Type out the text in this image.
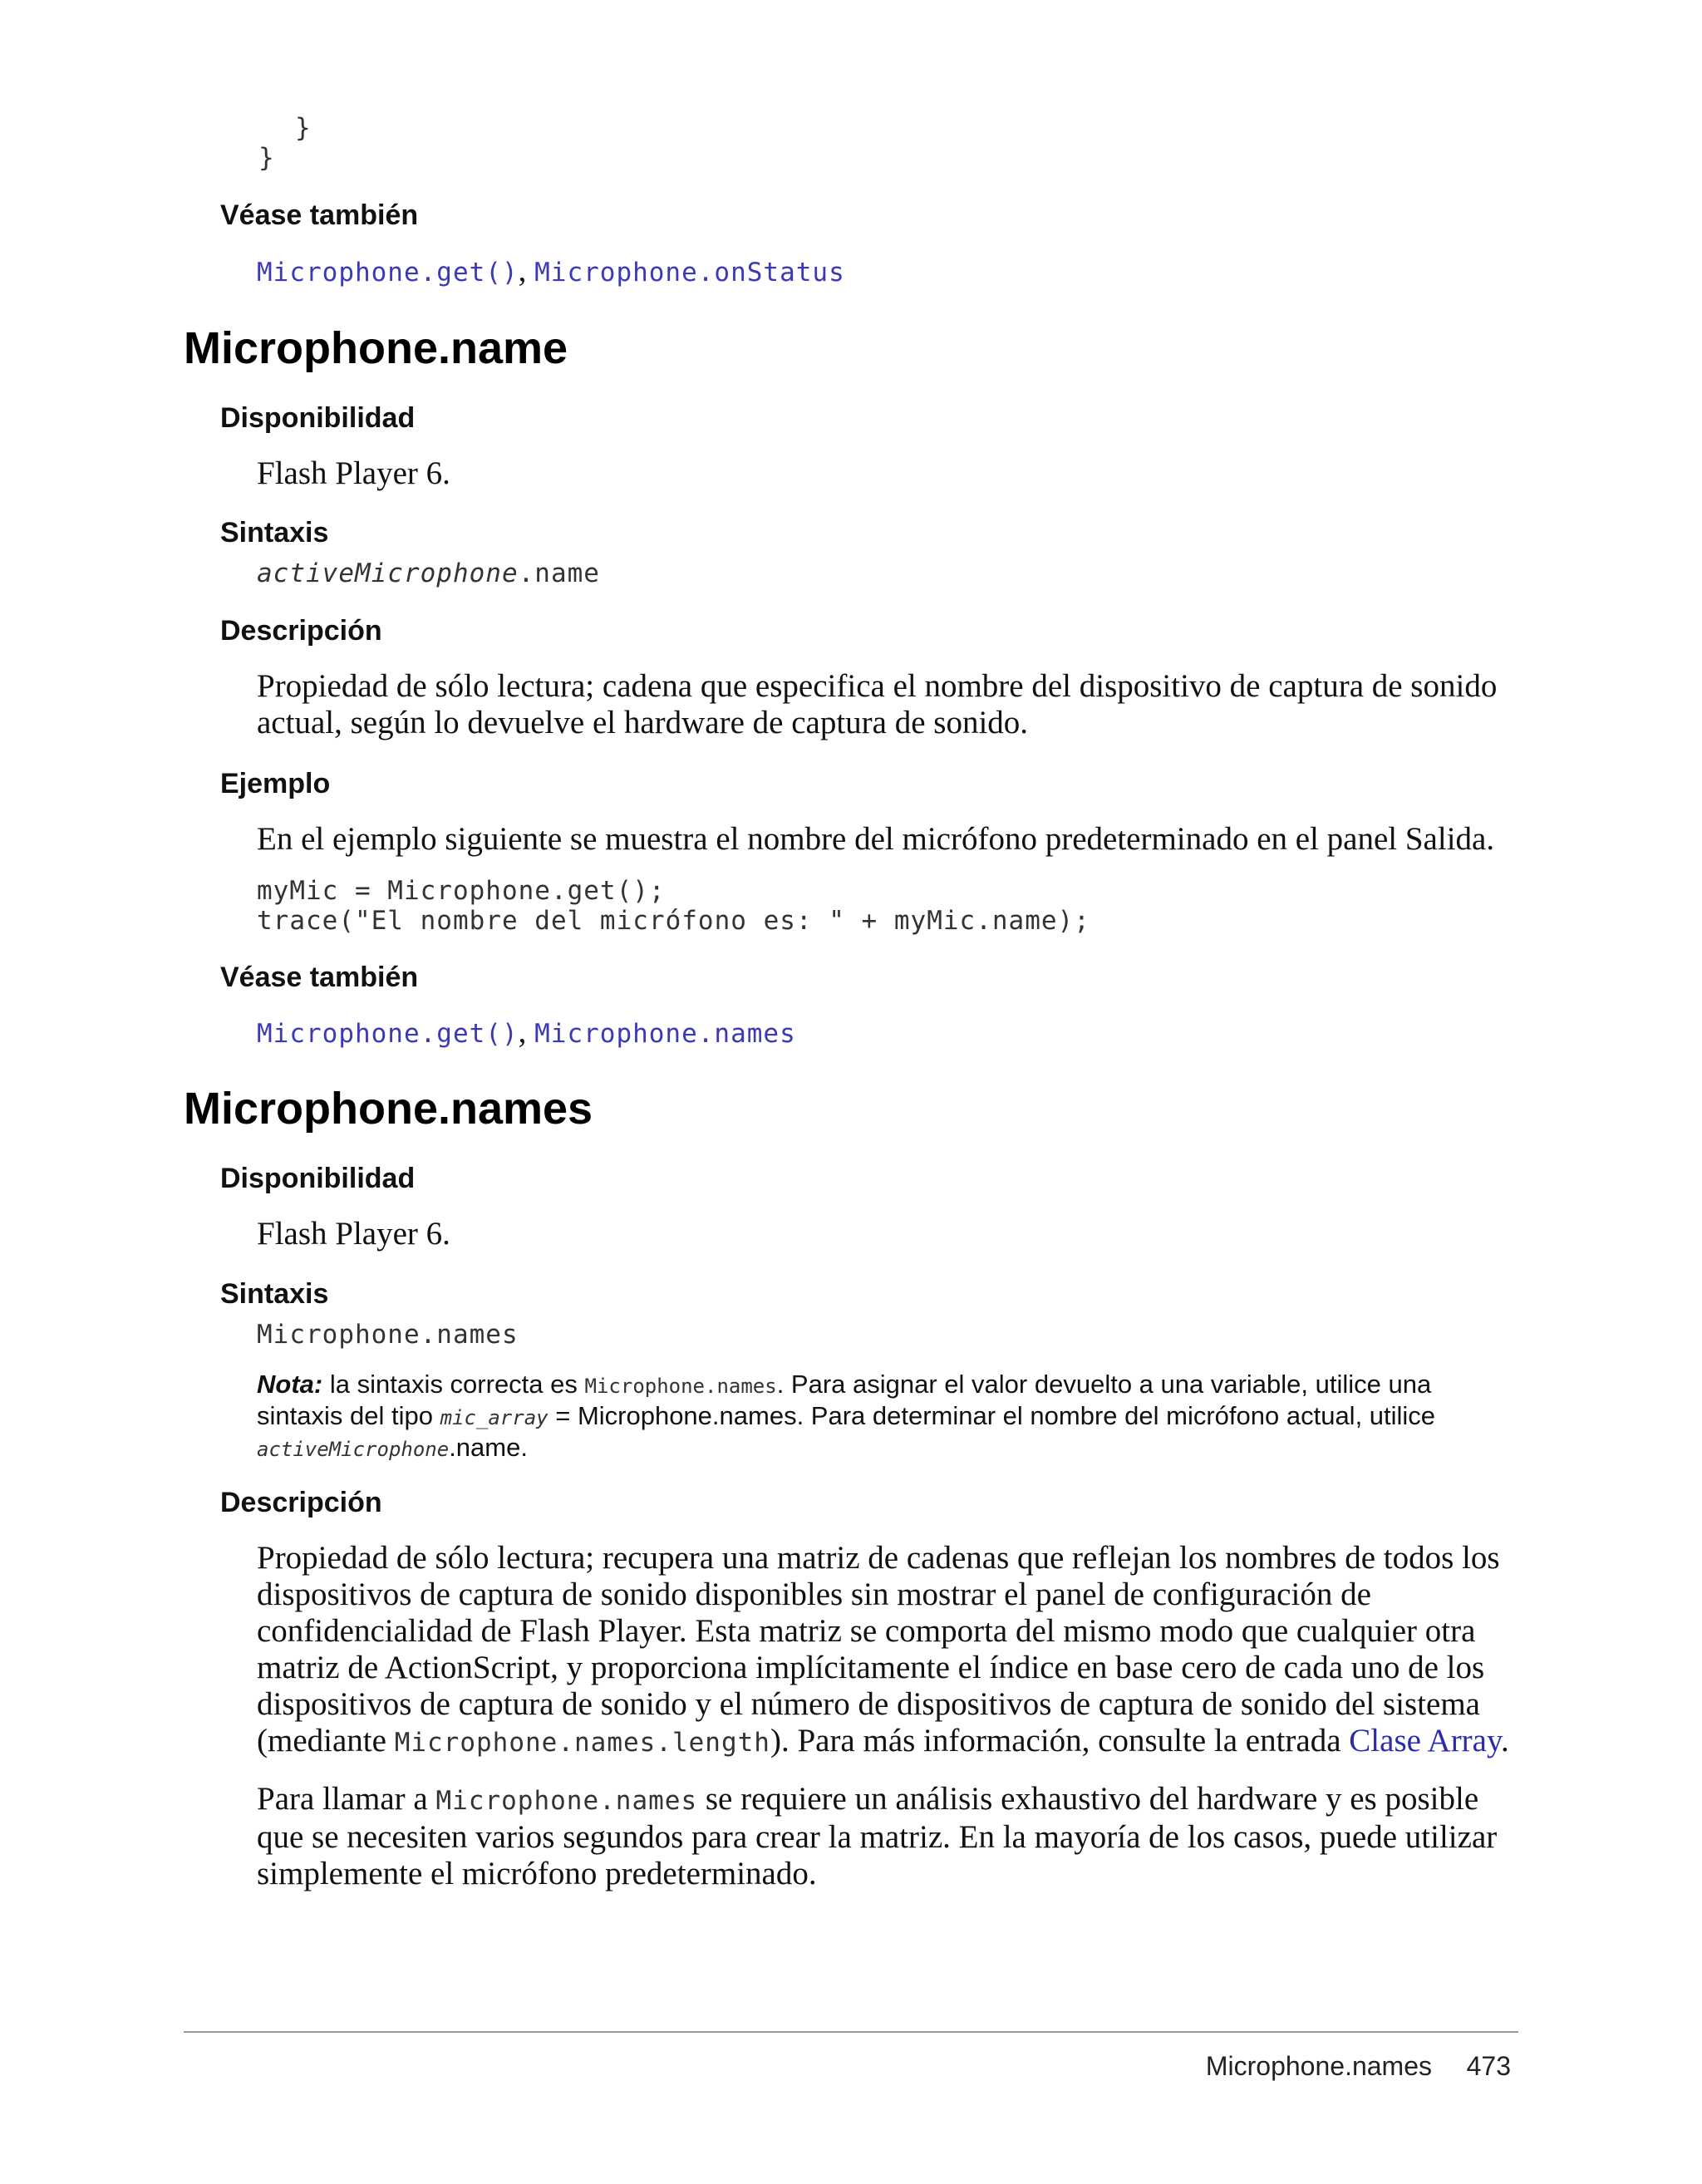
}
}
Véase también
Microphone.get(), Microphone.onStatus
Microphone.name
Disponibilidad
Flash Player 6.
Sintaxis
activeMicrophone.name
Descripción
Propiedad de sólo lectura; cadena que especifica el nombre del dispositivo de captura de sonido actual, según lo devuelve el hardware de captura de sonido.
Ejemplo
En el ejemplo siguiente se muestra el nombre del micrófono predeterminado en el panel Salida.
myMic = Microphone.get();
trace("El nombre del micrófono es: " + myMic.name);
Véase también
Microphone.get(), Microphone.names
Microphone.names
Disponibilidad
Flash Player 6.
Sintaxis
Microphone.names
Nota: la sintaxis correcta es Microphone.names. Para asignar el valor devuelto a una variable, utilice una sintaxis del tipo mic_array = Microphone.names. Para determinar el nombre del micrófono actual, utilice activeMicrophone.name.
Descripción
Propiedad de sólo lectura; recupera una matriz de cadenas que reflejan los nombres de todos los dispositivos de captura de sonido disponibles sin mostrar el panel de configuración de confidencialidad de Flash Player. Esta matriz se comporta del mismo modo que cualquier otra matriz de ActionScript, y proporciona implícitamente el índice en base cero de cada uno de los dispositivos de captura de sonido y el número de dispositivos de captura de sonido del sistema (mediante Microphone.names.length). Para más información, consulte la entrada Clase Array.
Para llamar a Microphone.names se requiere un análisis exhaustivo del hardware y es posible que se necesiten varios segundos para crear la matriz. En la mayoría de los casos, puede utilizar simplemente el micrófono predeterminado.
Microphone.names 473
